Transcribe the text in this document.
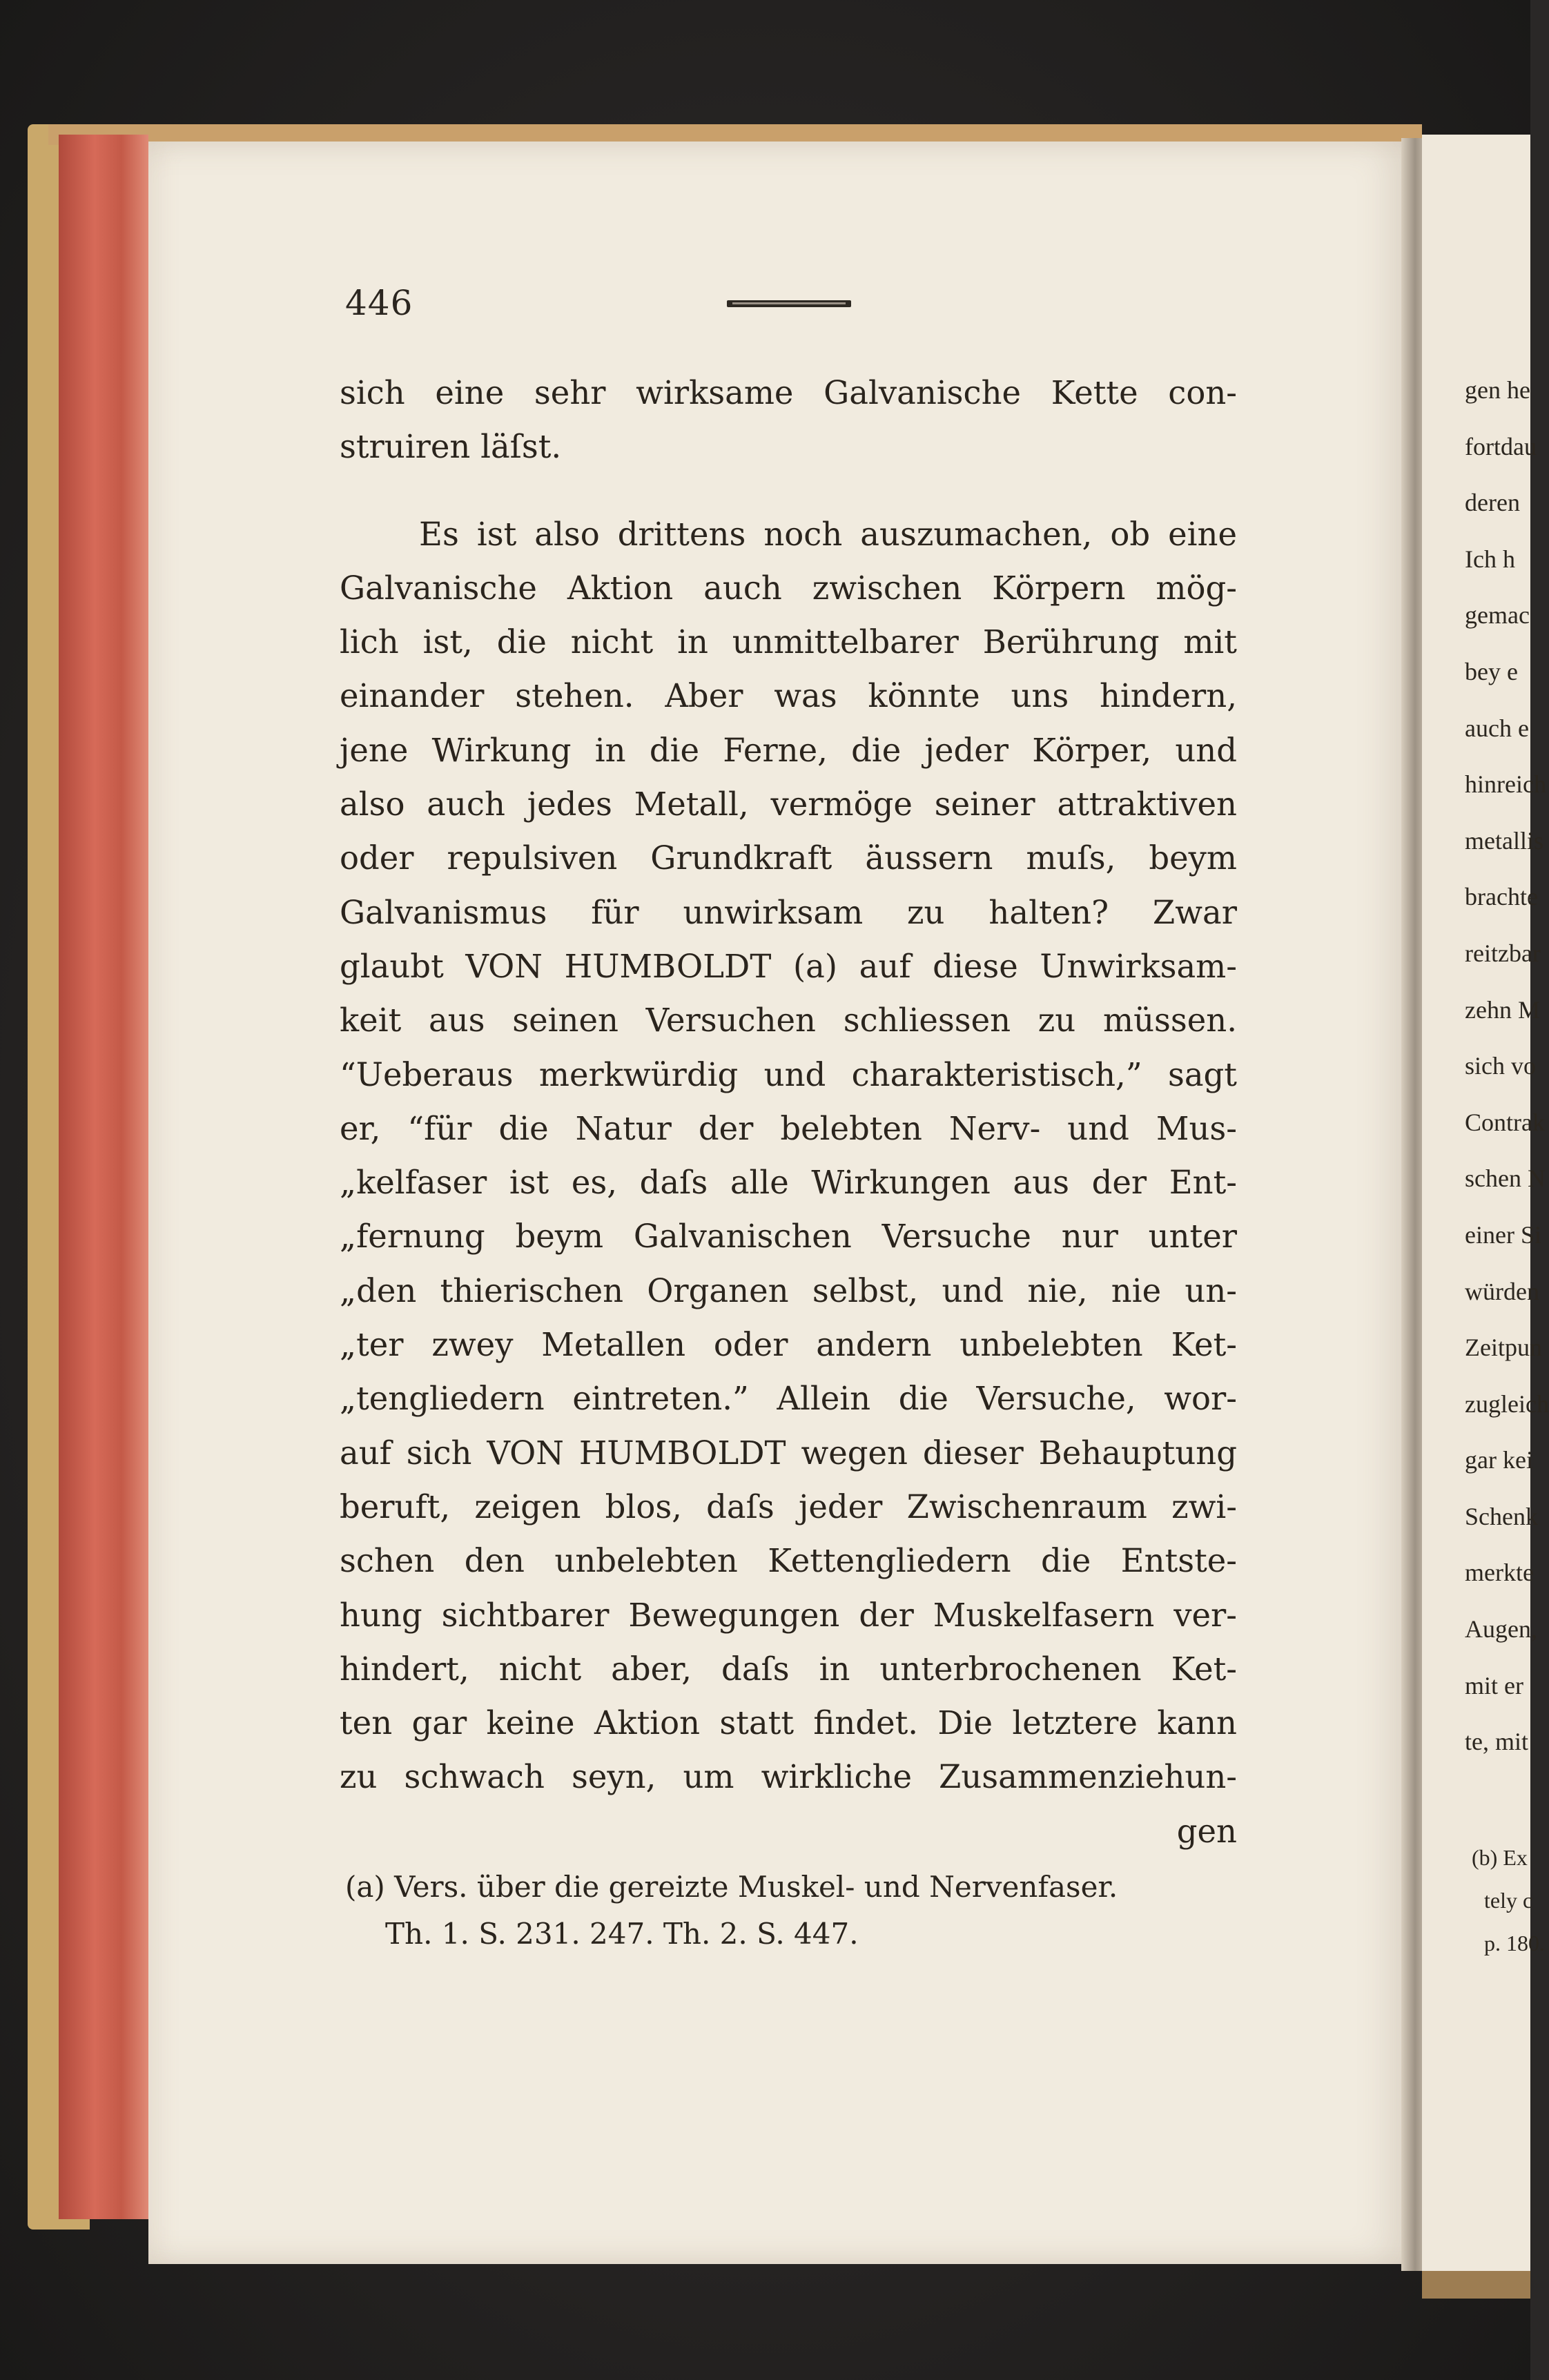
446
sich eine sehr wirksame Galvanische Kette con-
struiren läſst.
Es ist also drittens noch auszumachen, ob eine
Galvanische Aktion auch zwischen Körpern mög-
lich ist, die nicht in unmittelbarer Berührung mit
einander stehen. Aber was könnte uns hindern,
jene Wirkung in die Ferne, die jeder Körper, und
also auch jedes Metall, vermöge seiner attraktiven
oder repulsiven Grundkraft äussern muſs, beym
Galvanismus für unwirksam zu halten? Zwar
glaubt VON HUMBOLDT (a) auf diese Unwirksam-
keit aus seinen Versuchen schliessen zu müssen.
“Ueberaus merkwürdig und charakteristisch,” sagt
er, “für die Natur der belebten Nerv- und Mus-
„kelfaser ist es, daſs alle Wirkungen aus der Ent-
„fernung beym Galvanischen Versuche nur unter
„den thierischen Organen selbst, und nie, nie un-
„ter zwey Metallen oder andern unbelebten Ket-
„tengliedern eintreten.” Allein die Versuche, wor-
auf sich VON HUMBOLDT wegen dieser Behauptung
beruft, zeigen blos, daſs jeder Zwischenraum zwi-
schen den unbelebten Kettengliedern die Entste-
hung sichtbarer Bewegungen der Muskelfasern ver-
hindert, nicht aber, daſs in unterbrochenen Ket-
ten gar keine Aktion statt findet. Die letztere kann
zu schwach seyn, um wirkliche Zusammenziehun-
gen
(a) Vers. über die gereizte Muskel- und Nervenfaser.
Th. 1. S. 231. 247. Th. 2. S. 447.
gen he
fortdau
deren
Ich h
gemac
bey e
auch e
hinreich
metallis
brachte
reitzbar
zehn M
sich vo
Contrak
schen N
einer Si
würden
Zeitpun
zugleich
gar kei
Schenk
merkte
Augen,
mit er
te, mit
(b) Ex
tely c
p. 180.
